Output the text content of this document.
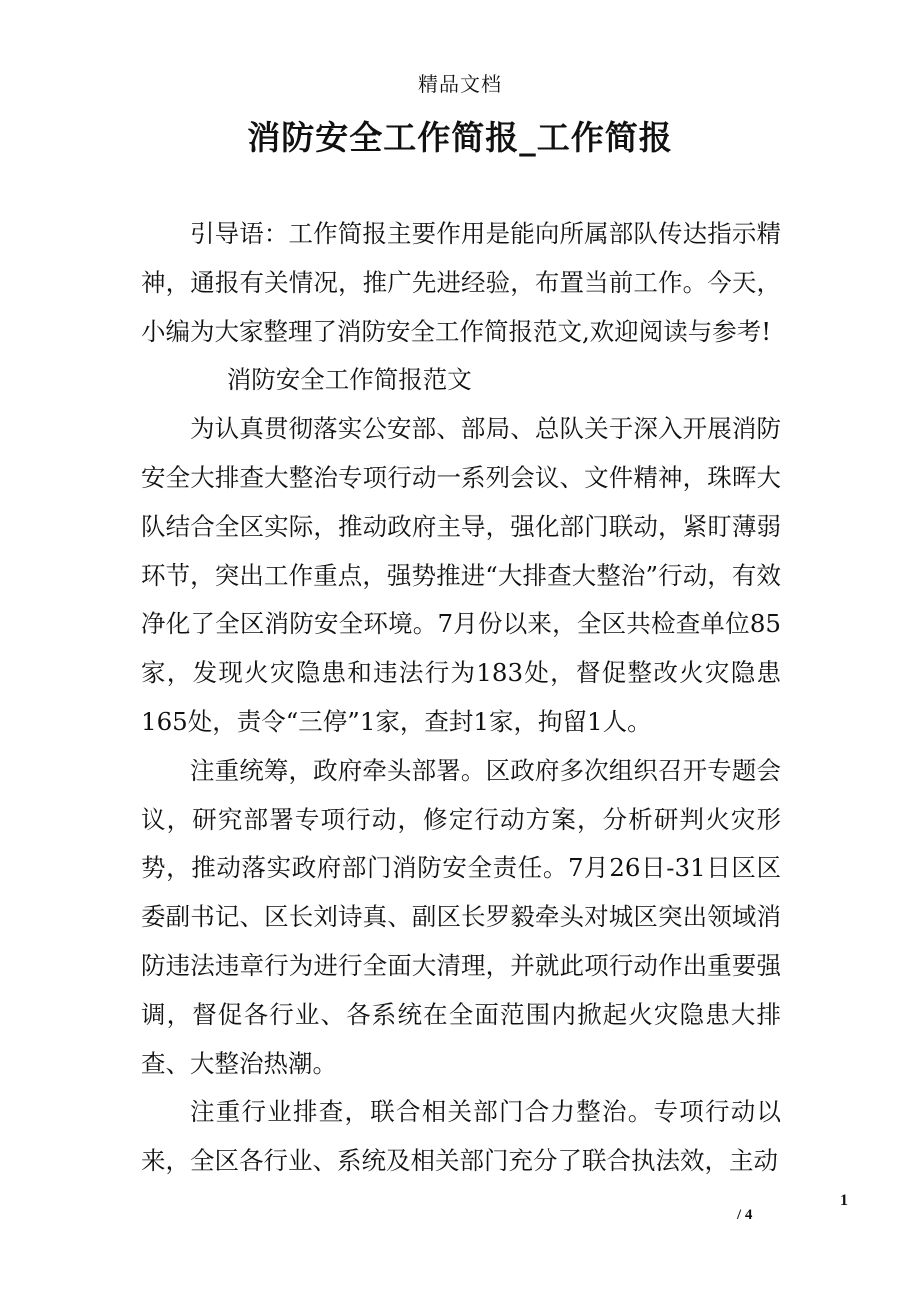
精品文档
消防安全工作简报_工作简报

引导语：工作简报主要作用是能向所属部队传达指示精神，通报有关情况，推广先进经验，布置当前工作。今天，小编为大家整理了消防安全工作简报范文,欢迎阅读与参考!

消防安全工作简报范文

为认真贯彻落实公安部、部局、总队关于深入开展消防安全大排查大整治专项行动一系列会议、文件精神，珠晖大队结合全区实际，推动政府主导，强化部门联动，紧盯薄弱环节，突出工作重点，强势推进“大排查大整治”行动，有效净化了全区消防安全环境。7月份以来，全区共检查单位85家，发现火灾隐患和违法行为183处，督促整改火灾隐患165处，责令“三停”1家，查封1家，拘留1人。

注重统筹，政府牵头部署。区政府多次组织召开专题会议，研究部署专项行动，修定行动方案，分析研判火灾形势，推动落实政府部门消防安全责任。7月26日-31日区区委副书记、区长刘诗真、副区长罗毅牵头对城区突出领域消防违法违章行为进行全面大清理，并就此项行动作出重要强调，督促各行业、各系统在全面范围内掀起火灾隐患大排查、大整治热潮。

注重行业排查，联合相关部门合力整治。专项行动以来，全区各行业、系统及相关部门充分了联合执法效，主动

1
/ 4
